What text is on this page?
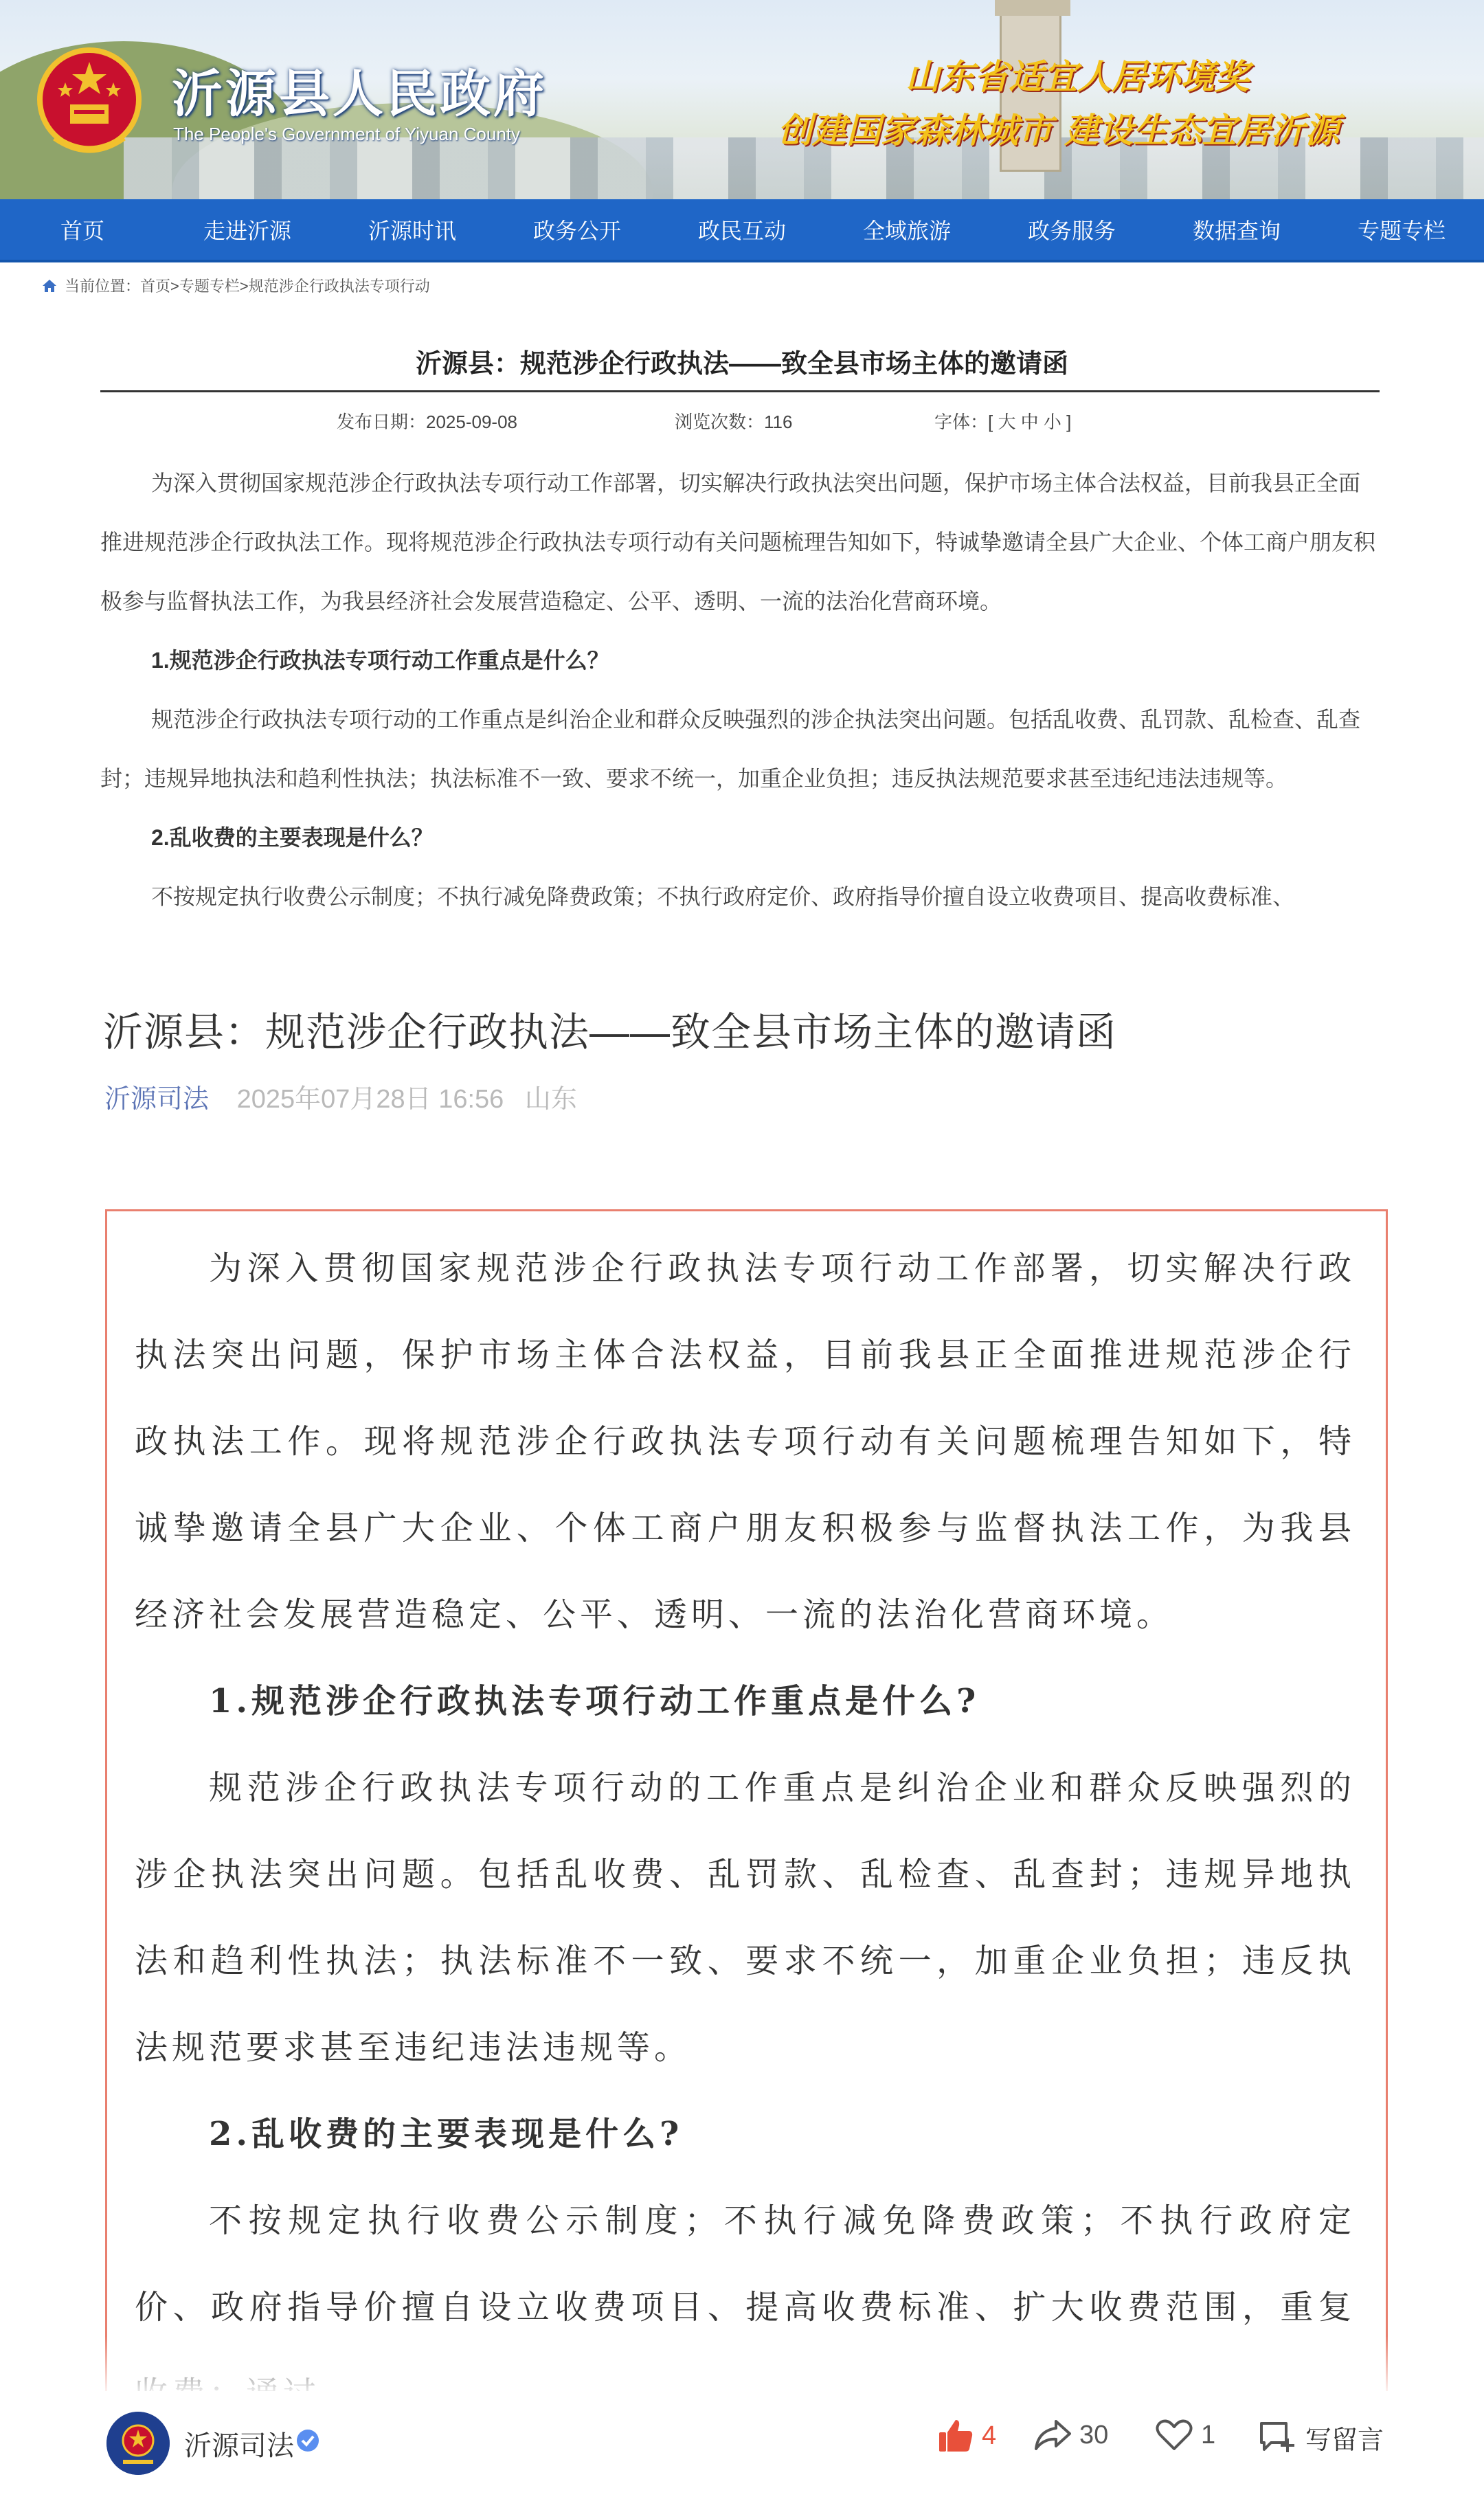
沂源县人民政府
The People's Government of Yiyuan County
山东省适宜人居环境奖
创建国家森林城市 建设生态宜居沂源
首页	走进沂源	沂源时讯	政务公开	政民互动	全域旅游	政务服务	数据查询	专题专栏
当前位置：首页>专题专栏>规范涉企行政执法专项行动
沂源县：规范涉企行政执法——致全县市场主体的邀请函
发布日期：2025-09-08	浏览次数：116	字体：[ 大 中 小 ]

为深入贯彻国家规范涉企行政执法专项行动工作部署，切实解决行政执法突出问题，保护市场主体合法权益，目前我县正全面推进规范涉企行政执法工作。现将规范涉企行政执法专项行动有关问题梳理告知如下，特诚挚邀请全县广大企业、个体工商户朋友积极参与监督执法工作，为我县经济社会发展营造稳定、公平、透明、一流的法治化营商环境。

1.规范涉企行政执法专项行动工作重点是什么？

规范涉企行政执法专项行动的工作重点是纠治企业和群众反映强烈的涉企执法突出问题。包括乱收费、乱罚款、乱检查、乱查封；违规异地执法和趋利性执法；执法标准不一致、要求不统一，加重企业负担；违反执法规范要求甚至违纪违法违规等。

2.乱收费的主要表现是什么？

不按规定执行收费公示制度；不执行减免降费政策；不执行政府定价、政府指导价擅自设立收费项目、提高收费标准、

沂源县：规范涉企行政执法——致全县市场主体的邀请函
沂源司法 2025年07月28日 16:56 山东

为深入贯彻国家规范涉企行政执法专项行动工作部署，切实解决行政执法突出问题，保护市场主体合法权益，目前我县正全面推进规范涉企行政执法工作。现将规范涉企行政执法专项行动有关问题梳理告知如下，特诚挚邀请全县广大企业、个体工商户朋友积极参与监督执法工作，为我县经济社会发展营造稳定、公平、透明、一流的法治化营商环境。

1.规范涉企行政执法专项行动工作重点是什么?

规范涉企行政执法专项行动的工作重点是纠治企业和群众反映强烈的涉企执法突出问题。包括乱收费、乱罚款、乱检查、乱查封；违规异地执法和趋利性执法；执法标准不一致、要求不统一，加重企业负担；违反执法规范要求甚至违纪违法违规等。

2.乱收费的主要表现是什么?

不按规定执行收费公示制度；不执行减免降费政策；不执行政府定价、政府指导价擅自设立收费项目、提高收费标准、扩大收费范围，重复

沂源司法	4	30	1	写留言
